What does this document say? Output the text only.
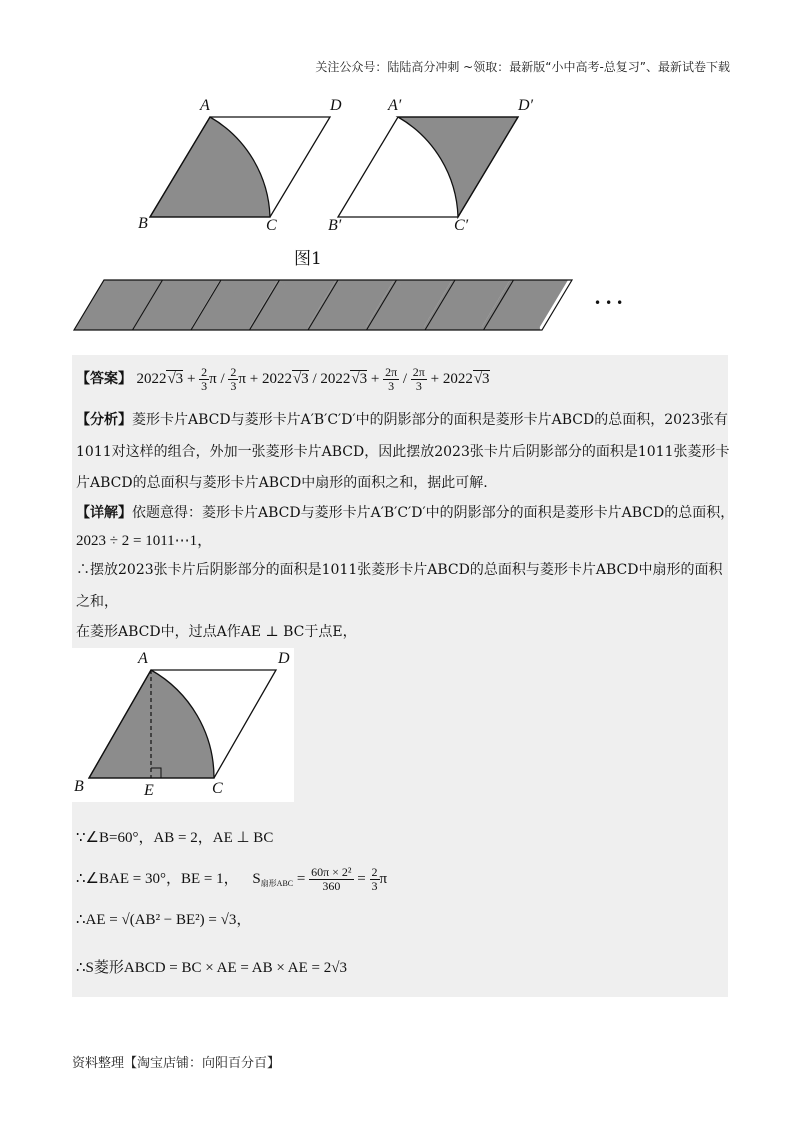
关注公众号：陆陆高分冲刺 ~领取：最新版“小中高考-总复习”、最新试卷下载
A	D
B	C
A′	D′
B′	C′
图1
•••
【答案】 $2022√3 + \frac{2}{3}$ π / $\frac{2}{3}$ $\pi + 2022√3 / 2022√3 + \frac{2\pi}{3} / \frac{2\pi}{3} + 2022√3$
【分析】菱形卡片ABCD与菱形卡片A′B′C′D′中的阴影部分的面积是菱形卡片ABCD的总面积，2023张有
1011对这样的组合，外加一张菱形卡片ABCD，因此摆放2023张卡片后阴影部分的面积是1011张菱形卡
片ABCD的总面积与菱形卡片ABCD中扇形的面积之和，据此可解.
【详解】依题意得：菱形卡片ABCD与菱形卡片A′B′C′D′中的阴影部分的面积是菱形卡片ABCD的总面积，
2023 ÷ 2 = 1011⋯1，
∴摆放2023张卡片后阴影部分的面积是1011张菱形卡片ABCD的总面积与菱形卡片ABCD中扇形的面积
之和，
在菱形ABCD中，过点A作AE ⊥ BC于点E，
A	D
B	E	C
∵∠B=60°，AB = 2，AE ⊥ BC
∴∠BAE = 30°，BE = 1， $S_{扇形ABC} = \frac{\text{60π × 2²}}{360} = \frac{2}{3}$ π
∴AE = √(AB² − BE²) = √3，
∴S菱形ABCD = BC × AE = AB × AE = 2√3
资料整理【淘宝店铺：向阳百分百】
